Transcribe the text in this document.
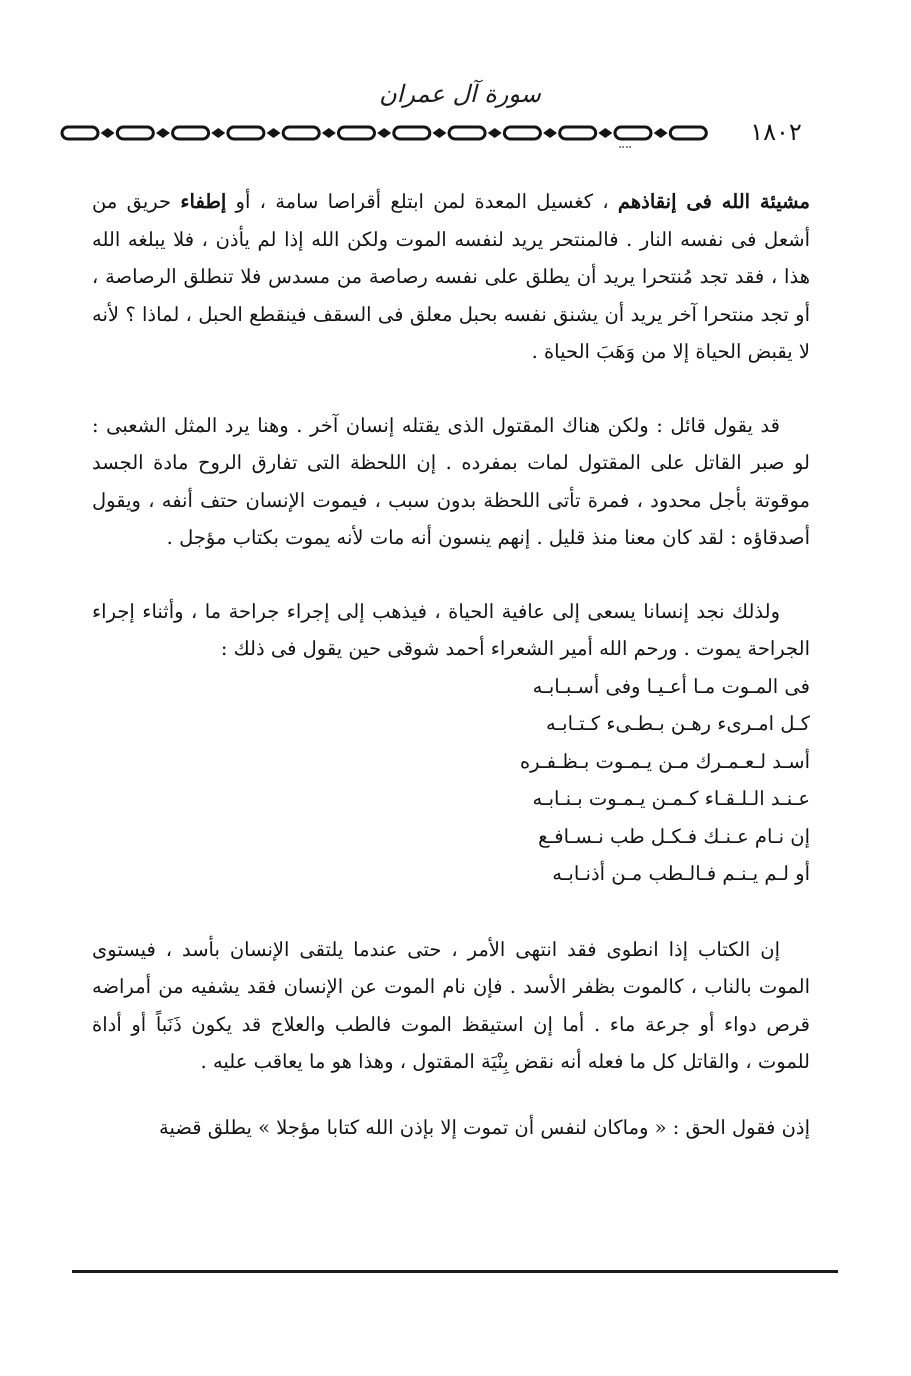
سورة آل عمران
١٨٠٢

مشيئة الله فى إنقاذهم ، كغسيل المعدة لمن ابتلع أقراصا سامة ، أو إطفاء حريق من أشعل فى نفسه النار . فالمنتحر يريد لنفسه الموت ولكن الله إذا لم يأذن ، فلا يبلغه الله هذا ، فقد تجد مُنتحرا يريد أن يطلق على نفسه رصاصة من مسدس فلا تنطلق الرصاصة ، أو تجد منتحرا آخر يريد أن يشنق نفسه بحبل معلق فى السقف فينقطع الحبل ، لماذا ؟ لأنه لا يقبض الحياة إلا من وَهَبَ الحياة .

قد يقول قائل : ولكن هناك المقتول الذى يقتله إنسان آخر . وهنا يرد المثل الشعبى : لو صبر القاتل على المقتول لمات بمفرده . إن اللحظة التى تفارق الروح مادة الجسد موقوتة بأجل محدود ، فمرة تأتى اللحظة بدون سبب ، فيموت الإنسان حتف أنفه ، ويقول أصدقاؤه : لقد كان معنا منذ قليل . إنهم ينسون أنه مات لأنه يموت بكتاب مؤجل .

ولذلك نجد إنسانا يسعى إلى عافية الحياة ، فيذهب إلى إجراء جراحة ما ، وأثناء إجراء الجراحة يموت . ورحم الله أمير الشعراء أحمد شوقى حين يقول فى ذلك :

فى المـوت مـا أعـيـا وفى أسـبـابـه
كـل امـرىء رهـن بـطـىء كـتـابـه
أسـد لـعـمـرك مـن يـمـوت بـظـفـره
عـنـد الـلـقـاء كـمـن يـمـوت بـنـابـه
إن نـام عـنـك فـكـل طب نـسـافـع
أو لـم يـنـم فـالـطب مـن أذنـابـه

إن الكتاب إذا انطوى فقد انتهى الأمر ، حتى عندما يلتقى الإنسان بأسد ، فيستوى الموت بالناب ، كالموت بظفر الأسد . فإن نام الموت عن الإنسان فقد يشفيه من أمراضه قرص دواء أو جرعة ماء . أما إن استيقظ الموت فالطب والعلاج قد يكون ذَنَباً أو أداة للموت ، والقاتل كل ما فعله أنه نقض بِنْيَة المقتول ، وهذا هو ما يعاقب عليه .

إذن فقول الحق : « وماكان لنفس أن تموت إلا بإذن الله كتابا مؤجلا » يطلق قضية
